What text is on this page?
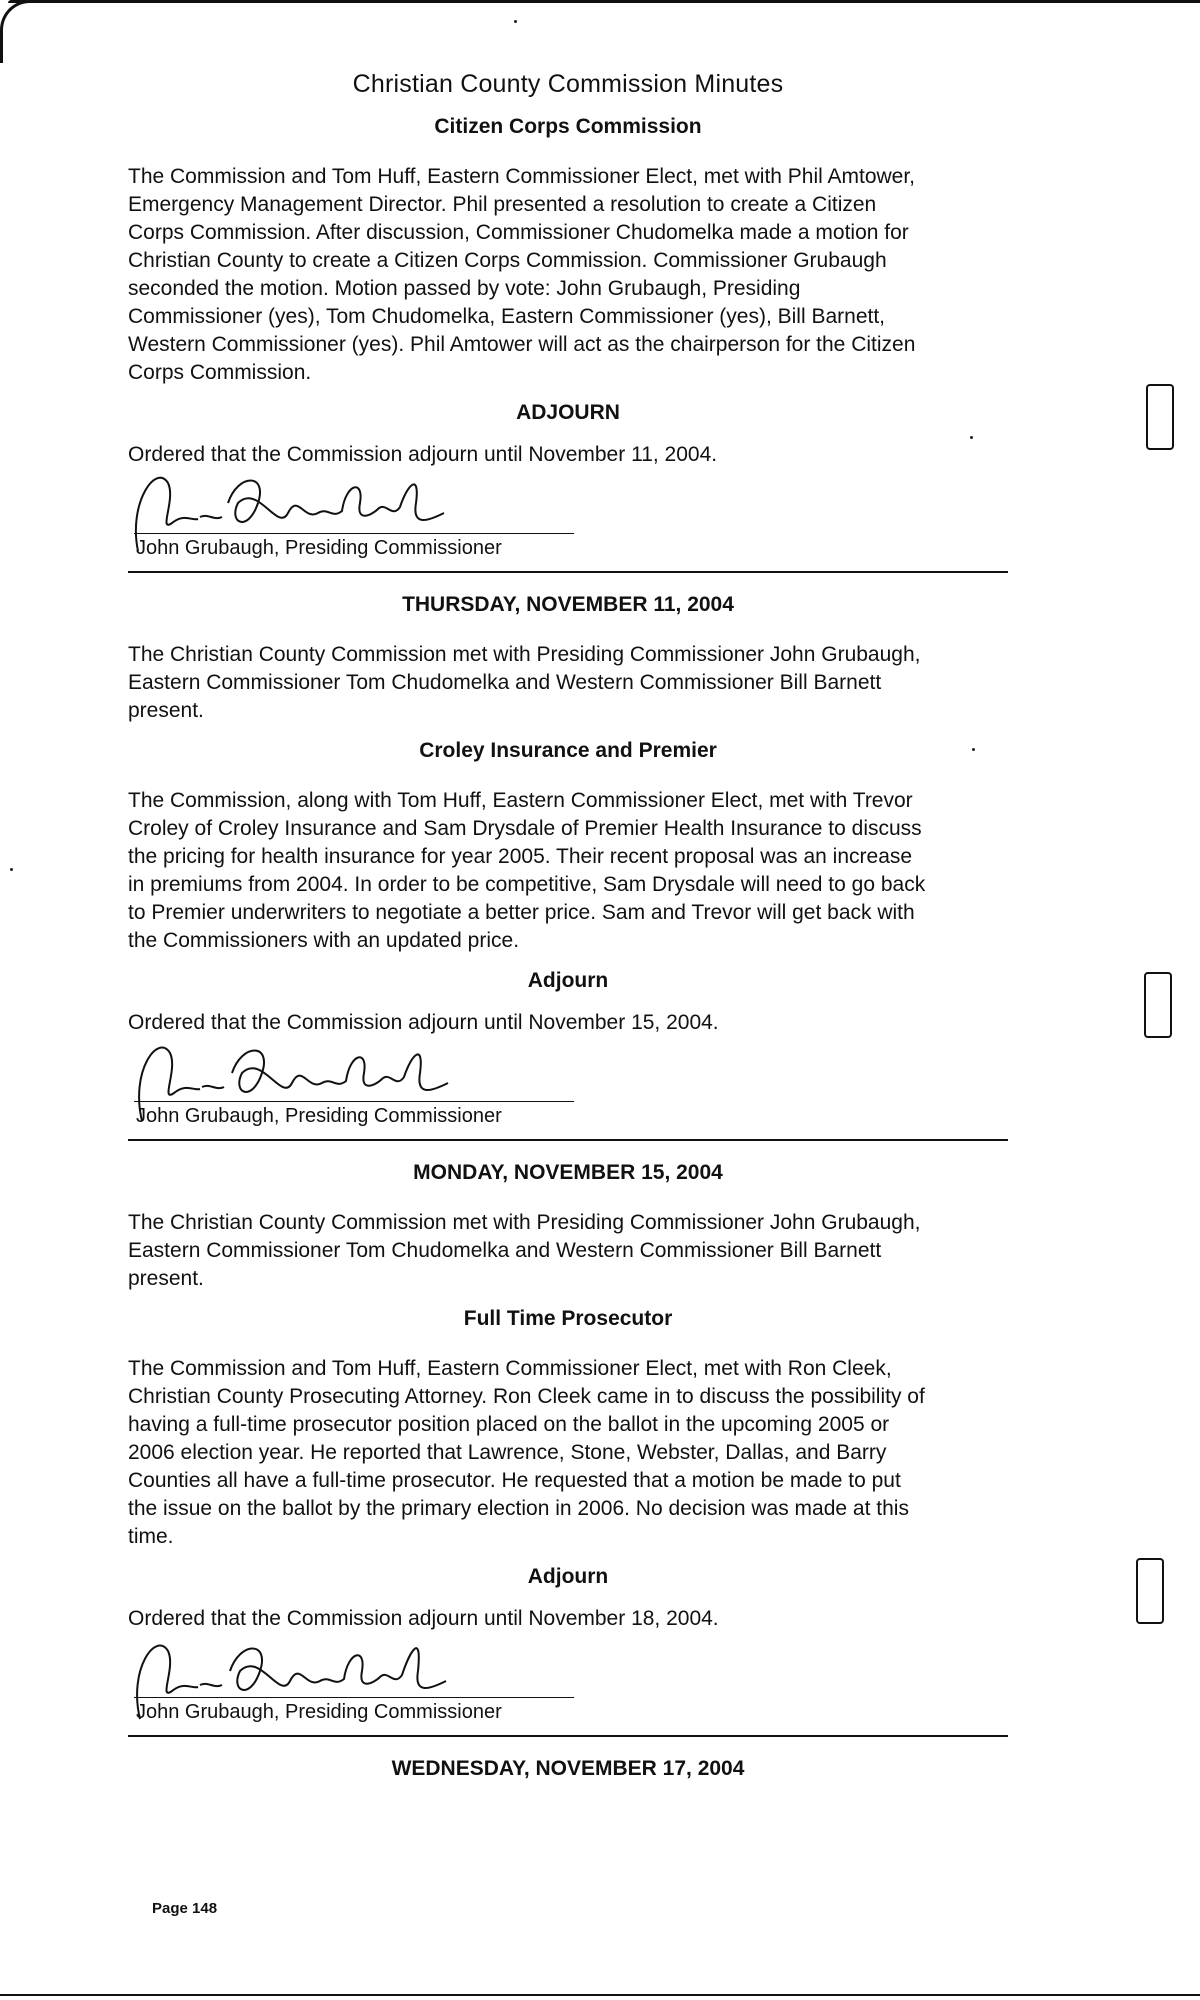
Christian County Commission Minutes
Citizen Corps Commission
The Commission and Tom Huff, Eastern Commissioner Elect, met with Phil Amtower, Emergency Management Director. Phil presented a resolution to create a Citizen Corps Commission. After discussion, Commissioner Chudomelka made a motion for Christian County to create a Citizen Corps Commission. Commissioner Grubaugh seconded the motion. Motion passed by vote: John Grubaugh, Presiding Commissioner (yes), Tom Chudomelka, Eastern Commissioner (yes), Bill Barnett, Western Commissioner (yes). Phil Amtower will act as the chairperson for the Citizen Corps Commission.
ADJOURN
Ordered that the Commission adjourn until November 11, 2004.
John Grubaugh, Presiding Commissioner
THURSDAY, NOVEMBER 11, 2004
The Christian County Commission met with Presiding Commissioner John Grubaugh, Eastern Commissioner Tom Chudomelka and Western Commissioner Bill Barnett present.
Croley Insurance and Premier
The Commission, along with Tom Huff, Eastern Commissioner Elect, met with Trevor Croley of Croley Insurance and Sam Drysdale of Premier Health Insurance to discuss the pricing for health insurance for year 2005. Their recent proposal was an increase in premiums from 2004. In order to be competitive, Sam Drysdale will need to go back to Premier underwriters to negotiate a better price. Sam and Trevor will get back with the Commissioners with an updated price.
Adjourn
Ordered that the Commission adjourn until November 15, 2004.
John Grubaugh, Presiding Commissioner
MONDAY, NOVEMBER 15, 2004
The Christian County Commission met with Presiding Commissioner John Grubaugh, Eastern Commissioner Tom Chudomelka and Western Commissioner Bill Barnett present.
Full Time Prosecutor
The Commission and Tom Huff, Eastern Commissioner Elect, met with Ron Cleek, Christian County Prosecuting Attorney. Ron Cleek came in to discuss the possibility of having a full-time prosecutor position placed on the ballot in the upcoming 2005 or 2006 election year. He reported that Lawrence, Stone, Webster, Dallas, and Barry Counties all have a full-time prosecutor. He requested that a motion be made to put the issue on the ballot by the primary election in 2006. No decision was made at this time.
Adjourn
Ordered that the Commission adjourn until November 18, 2004.
John Grubaugh, Presiding Commissioner
WEDNESDAY, NOVEMBER 17, 2004
Page 148
